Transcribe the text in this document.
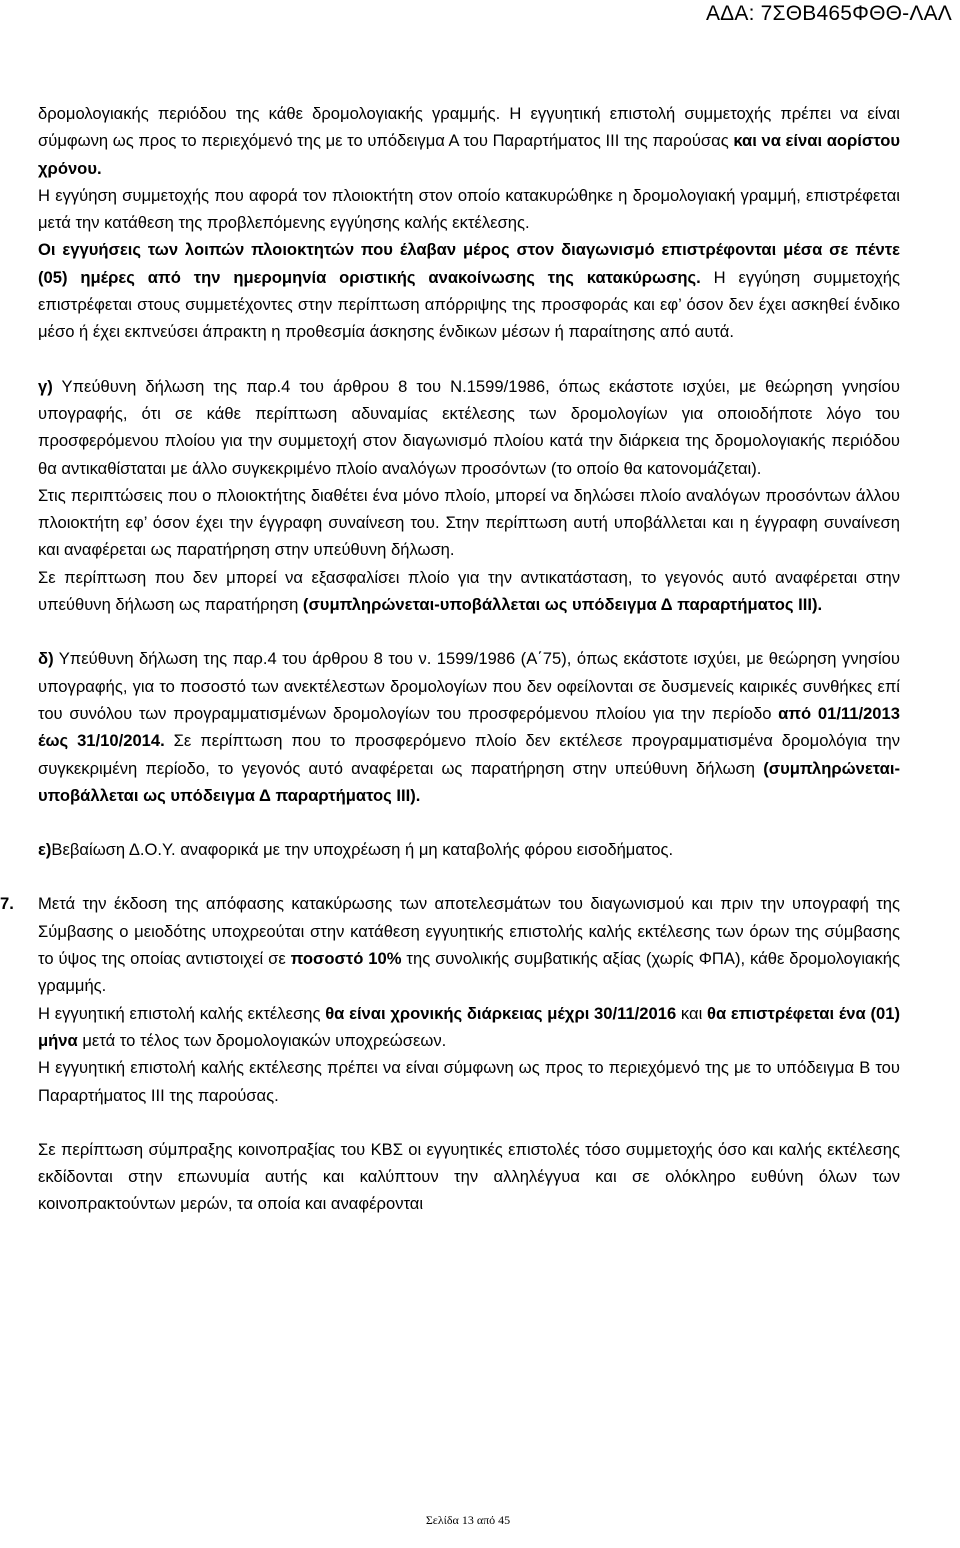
ΑΔΑ: 7ΣΘΒ465ΦΘΘ-ΛΑΛ

δρομολογιακής περιόδου της κάθε δρομολογιακής γραμμής. Η εγγυητική επιστολή συμμετοχής πρέπει να είναι σύμφωνη ως προς το περιεχόμενό της με το υπόδειγμα Α του Παραρτήματος ΙΙΙ της παρούσας και να είναι αορίστου χρόνου.

Η εγγύηση συμμετοχής που αφορά τον πλοιοκτήτη στον οποίο κατακυρώθηκε η δρομολογιακή γραμμή, επιστρέφεται μετά την κατάθεση της προβλεπόμενης εγγύησης καλής εκτέλεσης.

Οι εγγυήσεις των λοιπών πλοιοκτητών που έλαβαν μέρος στον διαγωνισμό επιστρέφονται μέσα σε πέντε (05) ημέρες από την ημερομηνία οριστικής ανακοίνωσης της κατακύρωσης. Η εγγύηση συμμετοχής επιστρέφεται στους συμμετέχοντες στην περίπτωση απόρριψης της προσφοράς και εφ’ όσον δεν έχει ασκηθεί ένδικο μέσο ή έχει εκπνεύσει άπρακτη η προθεσμία άσκησης ένδικων μέσων ή παραίτησης από αυτά.

γ) Υπεύθυνη δήλωση της παρ.4 του άρθρου 8 του Ν.1599/1986, όπως εκάστοτε ισχύει, με θεώρηση γνησίου υπογραφής, ότι σε κάθε περίπτωση αδυναμίας εκτέλεσης των δρομολογίων για οποιοδήποτε λόγο του προσφερόμενου πλοίου για την συμμετοχή στον διαγωνισμό πλοίου κατά την διάρκεια της δρομολογιακής περιόδου θα αντικαθίσταται με άλλο συγκεκριμένο πλοίο αναλόγων προσόντων (το οποίο θα κατονομάζεται).

Στις περιπτώσεις που ο πλοιοκτήτης διαθέτει ένα μόνο πλοίο, μπορεί να δηλώσει πλοίο αναλόγων προσόντων άλλου πλοιοκτήτη εφ’ όσον έχει την έγγραφη συναίνεση του. Στην περίπτωση αυτή υποβάλλεται και η έγγραφη συναίνεση και αναφέρεται ως παρατήρηση στην υπεύθυνη δήλωση.

Σε περίπτωση που δεν μπορεί να εξασφαλίσει πλοίο για την αντικατάσταση, το γεγονός αυτό αναφέρεται στην υπεύθυνη δήλωση ως παρατήρηση (συμπληρώνεται-υποβάλλεται ως υπόδειγμα Δ παραρτήματος ΙΙΙ).

δ) Υπεύθυνη δήλωση της παρ.4 του άρθρου 8 του ν. 1599/1986 (Α΄75), όπως εκάστοτε ισχύει, με θεώρηση γνησίου υπογραφής, για το ποσοστό των ανεκτέλεστων δρομολογίων που δεν οφείλονται σε δυσμενείς καιρικές συνθήκες επί του συνόλου των προγραμματισμένων δρομολογίων του προσφερόμενου πλοίου για την περίοδο από 01/11/2013 έως 31/10/2014. Σε περίπτωση που το προσφερόμενο πλοίο δεν εκτέλεσε προγραμματισμένα δρομολόγια την συγκεκριμένη περίοδο, το γεγονός αυτό αναφέρεται ως παρατήρηση στην υπεύθυνη δήλωση (συμπληρώνεται-υποβάλλεται ως υπόδειγμα Δ παραρτήματος ΙΙΙ).

ε)Βεβαίωση Δ.Ο.Υ. αναφορικά με την υποχρέωση ή μη καταβολής φόρου εισοδήματος.

7. Μετά την έκδοση της απόφασης κατακύρωσης των αποτελεσμάτων του διαγωνισμού και πριν την υπογραφή της Σύμβασης ο μειοδότης υποχρεούται στην κατάθεση εγγυητικής επιστολής καλής εκτέλεσης των όρων της σύμβασης το ύψος της οποίας αντιστοιχεί σε ποσοστό 10% της συνολικής συμβατικής αξίας (χωρίς ΦΠΑ), κάθε δρομολογιακής γραμμής.

Η εγγυητική επιστολή καλής εκτέλεσης θα είναι χρονικής διάρκειας μέχρι 30/11/2016 και θα επιστρέφεται ένα (01) μήνα μετά το τέλος των δρομολογιακών υποχρεώσεων.

Η εγγυητική επιστολή καλής εκτέλεσης πρέπει να είναι σύμφωνη ως προς το περιεχόμενό της με το υπόδειγμα Β του Παραρτήματος ΙΙΙ της παρούσας.

Σε περίπτωση σύμπραξης κοινοπραξίας του ΚΒΣ οι εγγυητικές επιστολές τόσο συμμετοχής όσο και καλής εκτέλεσης εκδίδονται στην επωνυμία αυτής και καλύπτουν την αλληλέγγυα και σε ολόκληρο ευθύνη όλων των κοινοπρακτούντων μερών, τα οποία και αναφέρονται

Σελίδα 13 από 45
